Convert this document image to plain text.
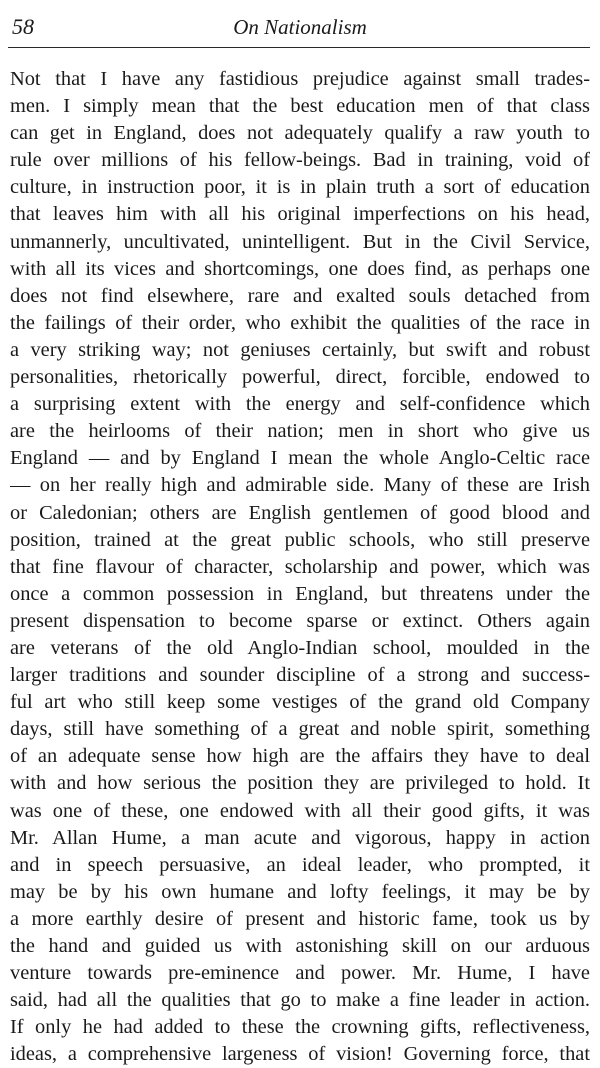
58	On Nationalism
Not that I have any fastidious prejudice against small trades-
men. I simply mean that the best education men of that class
can get in England, does not adequately qualify a raw youth to
rule over millions of his fellow-beings. Bad in training, void of
culture, in instruction poor, it is in plain truth a sort of education
that leaves him with all his original imperfections on his head,
unmannerly, uncultivated, unintelligent. But in the Civil Service,
with all its vices and shortcomings, one does find, as perhaps one
does not find elsewhere, rare and exalted souls detached from
the failings of their order, who exhibit the qualities of the race in
a very striking way; not geniuses certainly, but swift and robust
personalities, rhetorically powerful, direct, forcible, endowed to
a surprising extent with the energy and self-confidence which
are the heirlooms of their nation; men in short who give us
England — and by England I mean the whole Anglo-Celtic race
— on her really high and admirable side. Many of these are Irish
or Caledonian; others are English gentlemen of good blood and
position, trained at the great public schools, who still preserve
that fine flavour of character, scholarship and power, which was
once a common possession in England, but threatens under the
present dispensation to become sparse or extinct. Others again
are veterans of the old Anglo-Indian school, moulded in the
larger traditions and sounder discipline of a strong and success-
ful art who still keep some vestiges of the grand old Company
days, still have something of a great and noble spirit, something
of an adequate sense how high are the affairs they have to deal
with and how serious the position they are privileged to hold. It
was one of these, one endowed with all their good gifts, it was
Mr. Allan Hume, a man acute and vigorous, happy in action
and in speech persuasive, an ideal leader, who prompted, it
may be by his own humane and lofty feelings, it may be by
a more earthly desire of present and historic fame, took us by
the hand and guided us with astonishing skill on our arduous
venture towards pre-eminence and power. Mr. Hume, I have
said, had all the qualities that go to make a fine leader in action.
If only he had added to these the crowning gifts, reflectiveness,
ideas, a comprehensive largeness of vision! Governing force, that
